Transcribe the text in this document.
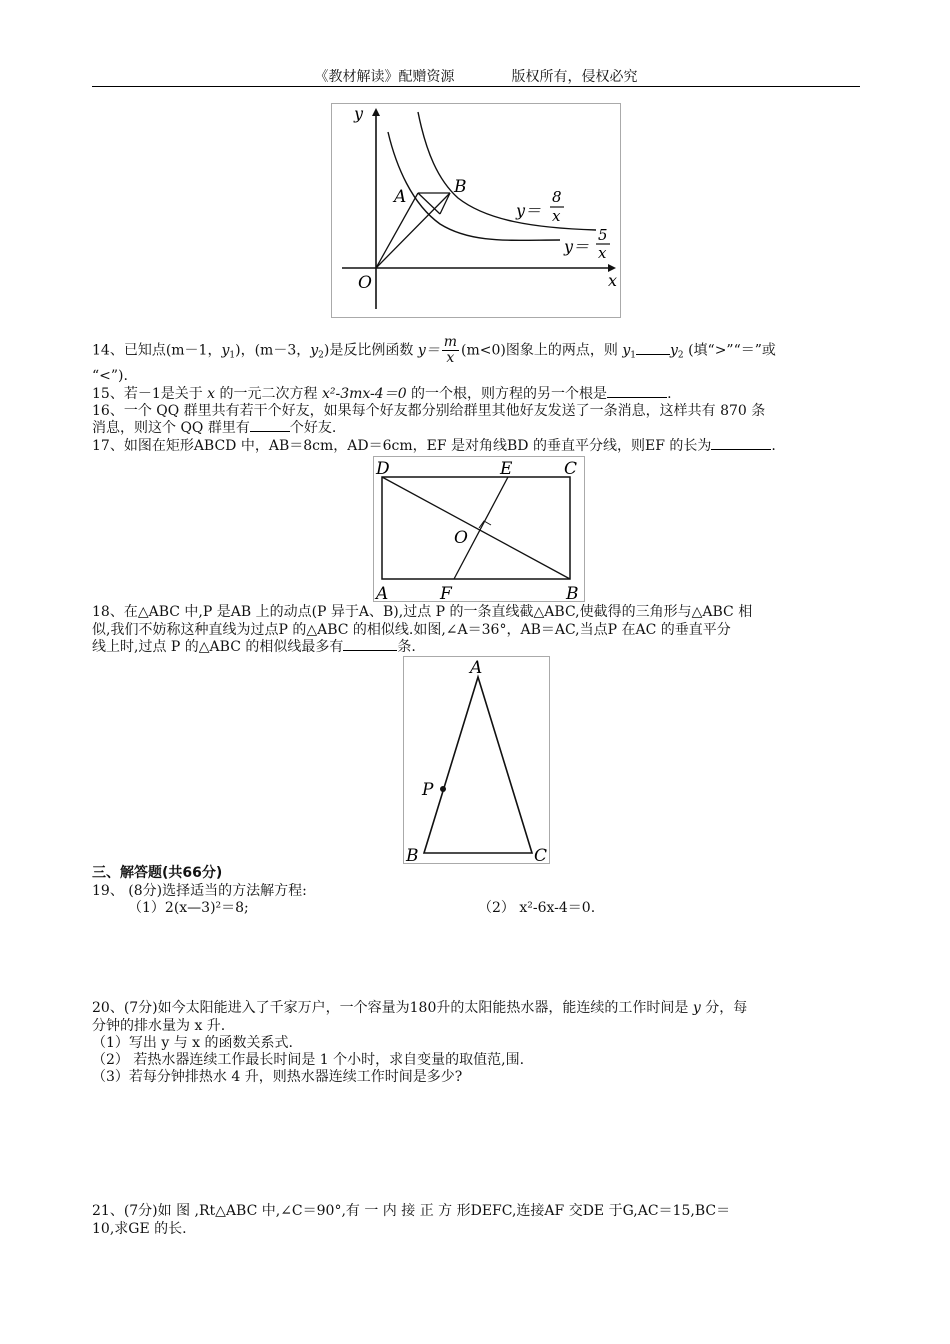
《教材解读》配赠资源	版权所有，侵权必究
y
x
O
A	B
y＝
8
x
y＝
5
x
14、已知点(m－1，$y_1$)，(m－3，$y_2$)是反比例函数 $y= \frac{m}{x} (m<0)$图象上的两点，则 $y_1$ $y_2$ (填“>”“＝”或
“<”).
15、若－1是关于 x 的一元二次方程 x²-3mx-4＝0 的一个根，则方程的另一个根是	.
16、一个 QQ 群里共有若干个好友，如果每个好友都分别给群里其他好友发送了一条消息，这样共有 870 条
消息，则这个 QQ 群里有	个好友.
17、如图在矩形ABCD 中，AB＝8cm，AD＝6cm，EF 是对角线BD 的垂直平分线，则EF 的长为	.
D	E	C
O
A	F	B
18、在△ABC 中,P 是AB 上的动点(P 异于A、B),过点 P 的一条直线截△ABC,使截得的三角形与△ABC 相
似,我们不妨称这种直线为过点P 的△ABC 的相似线.如图,∠A＝36°，AB＝AC,当点P 在AC 的垂直平分
线上时,过点 P 的△ABC 的相似线最多有	条.
A
P
B	C
三、解答题(共66分)
19、 (8分)选择适当的方法解方程:
（1）2(x—3)²＝8;	（2） x²-6x-4＝0.
20、(7分)如今太阳能进入了千家万户，一个容量为180升的太阳能热水器，能连续的工作时间是 y 分，每
分钟的排水量为 x 升.
（1）写出 y 与 x 的函数关系式.
（2） 若热水器连续工作最长时间是 1 个小时，求自变量的取值范,围.
（3）若每分钟排热水 4 升，则热水器连续工作时间是多少?
21、(7分)如 图 ,Rt△ABC 中,∠C＝90°,有 一 内 接 正 方 形DEFC,连接AF 交DE 于G,AC＝15,BC＝
10,求GE 的长.
